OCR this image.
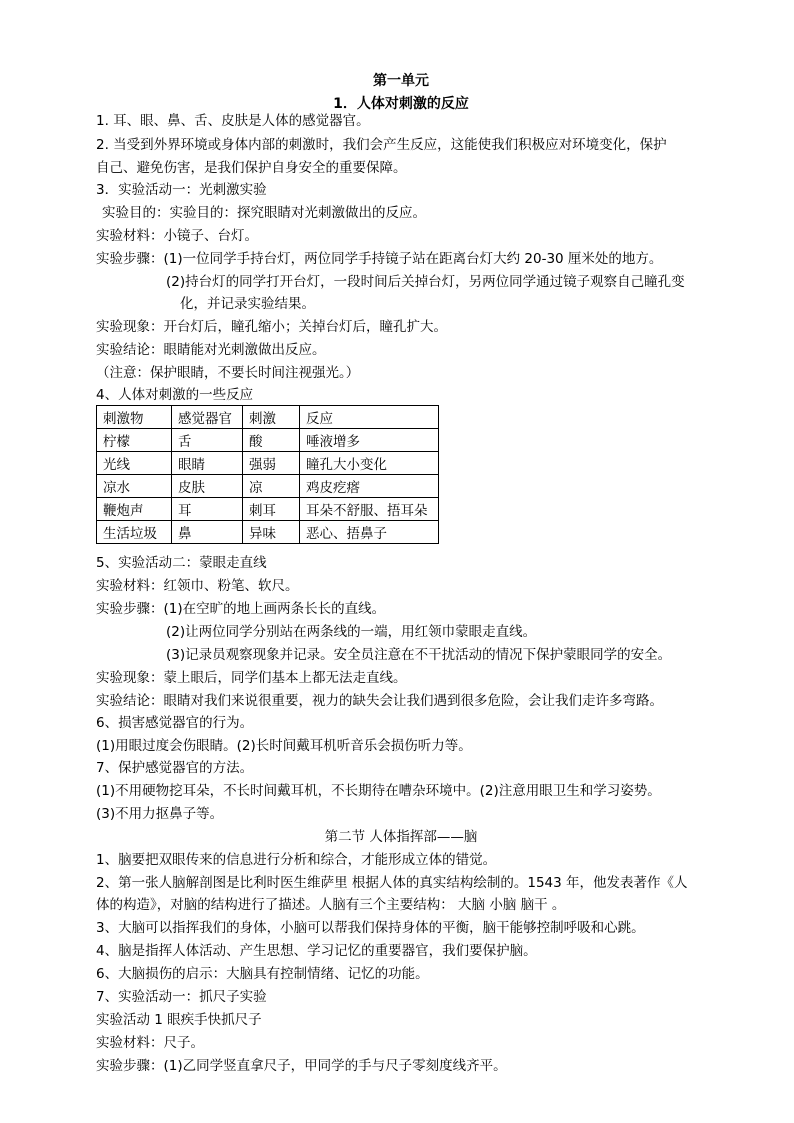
第一单元
1．人体对刺激的反应
1. 耳、眼、鼻、舌、皮肤是人体的感觉器官。
2. 当受到外界环境或身体内部的刺激时，我们会产生反应，这能使我们积极应对环境变化，保护
自己、避免伤害，是我们保护自身安全的重要保障。
3．实验活动一：光刺激实验
实验目的：实验目的：探究眼睛对光刺激做出的反应。
实验材料：小镜子、台灯。
实验步骤：(1)一位同学手持台灯，两位同学手持镜子站在距离台灯大约 20-30 厘米处的地方。
(2)持台灯的同学打开台灯，一段时间后关掉台灯，另两位同学通过镜子观察自己瞳孔变
化，并记录实验结果。
实验现象：开台灯后，瞳孔缩小；关掉台灯后，瞳孔扩大。
实验结论：眼睛能对光刺激做出反应。
（注意：保护眼睛，不要长时间注视强光。）
4、人体对刺激的一些反应
刺激物	感觉器官	刺激	反应
柠檬	舌	酸	唾液增多
光线	眼睛	强弱	瞳孔大小变化
凉水	皮肤	凉	鸡皮疙瘩
鞭炮声	耳	刺耳	耳朵不舒服、捂耳朵
生活垃圾	鼻	异味	恶心、捂鼻子
5、实验活动二：蒙眼走直线
实验材料：红领巾、粉笔、软尺。
实验步骤：(1)在空旷的地上画两条长长的直线。
(2)让两位同学分别站在两条线的一端，用红领巾蒙眼走直线。
(3)记录员观察现象并记录。安全员注意在不干扰活动的情况下保护蒙眼同学的安全。
实验现象：蒙上眼后，同学们基本上都无法走直线。
实验结论：眼睛对我们来说很重要，视力的缺失会让我们遇到很多危险，会让我们走许多弯路。
6、损害感觉器官的行为。
(1)用眼过度会伤眼睛。(2)长时间戴耳机听音乐会损伤听力等。
7、保护感觉器官的方法。
(1)不用硬物挖耳朵，不长时间戴耳机，不长期待在嘈杂环境中。(2)注意用眼卫生和学习姿势。
(3)不用力抠鼻子等。
第二节 人体指挥部——脑
1、脑要把双眼传来的信息进行分析和综合，才能形成立体的错觉。
2、第一张人脑解剖图是比利时医生维萨里 根据人体的真实结构绘制的。1543 年，他发表著作《人
体的构造》，对脑的结构进行了描述。人脑有三个主要结构： 大脑 小脑 脑干 。
3、大脑可以指挥我们的身体，小脑可以帮我们保持身体的平衡，脑干能够控制呼吸和心跳。
4、脑是指挥人体活动、产生思想、学习记忆的重要器官，我们要保护脑。
6、大脑损伤的启示：大脑具有控制情绪、记忆的功能。
7、实验活动一：抓尺子实验
实验活动 1 眼疾手快抓尺子
实验材料：尺子。
实验步骤：(1)乙同学竖直拿尺子，甲同学的手与尺子零刻度线齐平。
